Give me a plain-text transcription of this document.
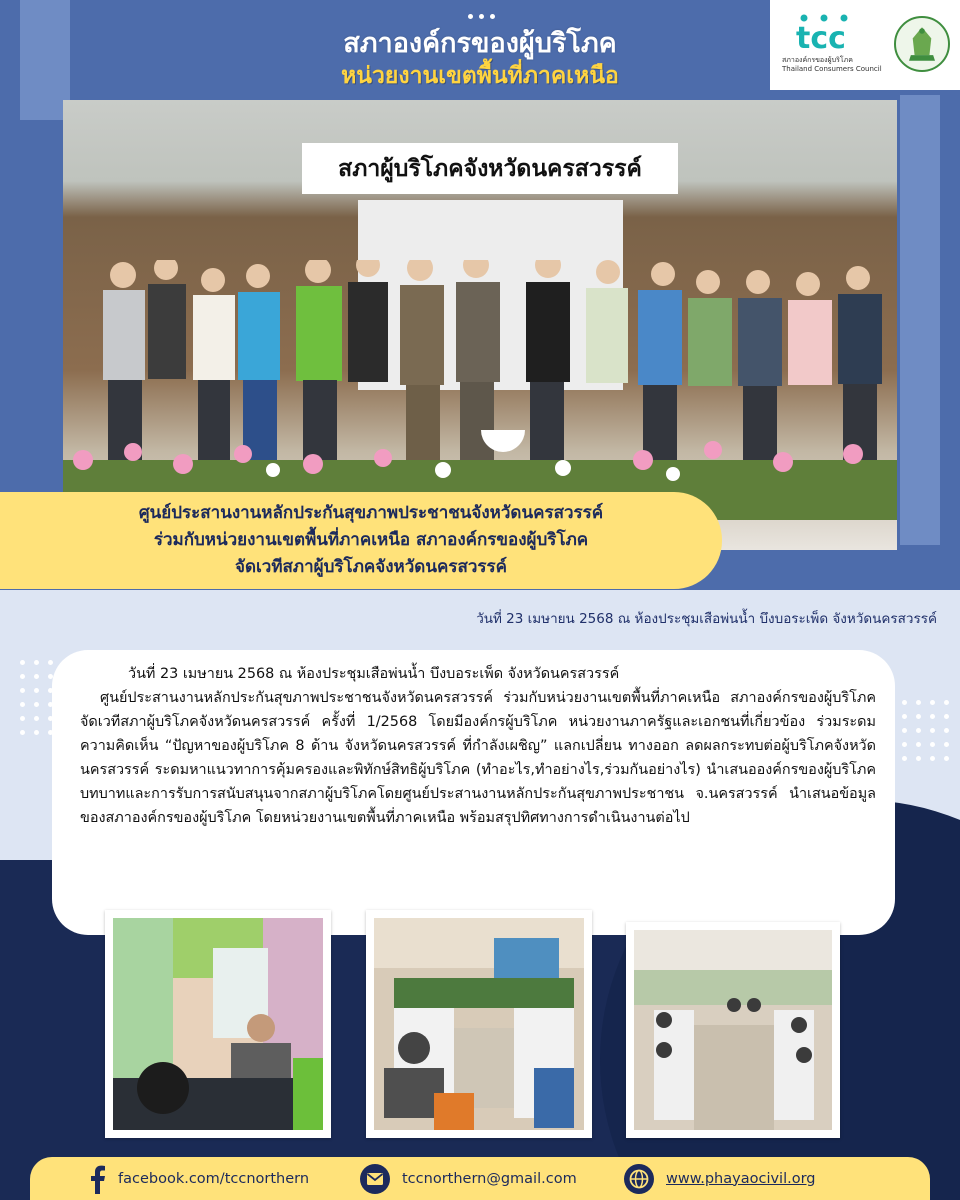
สภาองค์กรของผู้บริโภค
หน่วยงานเขตพื้นที่ภาคเหนือ
tcc
สภาองค์กรของผู้บริโภค
Thailand Consumers Council
สภาผู้บริโภคจังหวัดนครสวรรค์
ศูนย์ประสานงานหลักประกันสุขภาพประชาชนจังหวัดนครสวรรค์
ร่วมกับหน่วยงานเขตพื้นที่ภาคเหนือ สภาองค์กรของผู้บริโภค
จัดเวทีสภาผู้บริโภคจังหวัดนครสวรรค์
วันที่ 23 เมษายน 2568 ณ ห้องประชุมเสือพ่นน้ำ บึงบอระเพ็ด จังหวัดนครสวรรค์

วันที่ 23 เมษายน 2568 ณ ห้องประชุมเสือพ่นน้ำ บึงบอระเพ็ด จังหวัดนครสวรรค์

ศูนย์ประสานงานหลักประกันสุขภาพประชาชนจังหวัดนครสวรรค์ ร่วมกับหน่วยงานเขตพื้นที่ภาคเหนือ สภาองค์กรของผู้บริโภค จัดเวทีสภาผู้บริโภคจังหวัดนครสวรรค์ ครั้งที่ 1/2568 โดยมีองค์กรผู้บริโภค หน่วยงานภาครัฐและเอกชนที่เกี่ยวข้อง ร่วมระดมความคิดเห็น “ปัญหาของผู้บริโภค 8 ด้าน จังหวัดนครสวรรค์ ที่กำลังเผชิญ” แลกเปลี่ยน ทางออก ลดผลกระทบต่อผู้บริโภคจังหวัดนครสวรรค์ ระดมหาแนวทาการคุ้มครองและพิทักษ์สิทธิผู้บริโภค (ทำอะไร,ทำอย่างไร,ร่วมกันอย่างไร) นำเสนอองค์กรของผู้บริโภค บทบาทและการรับการสนับสนุนจากสภาผู้บริโภคโดยศูนย์ประสานงานหลักประกันสุขภาพประชาชน จ.นครสวรรค์ นำเสนอข้อมูลของสภาองค์กรของผู้บริโภค โดยหน่วยงานเขตพื้นที่ภาคเหนือ พร้อมสรุปทิศทางการดำเนินงานต่อไป

facebook.com/tccnorthern	tccnorthern@gmail.com	www.phayaocivil.org
